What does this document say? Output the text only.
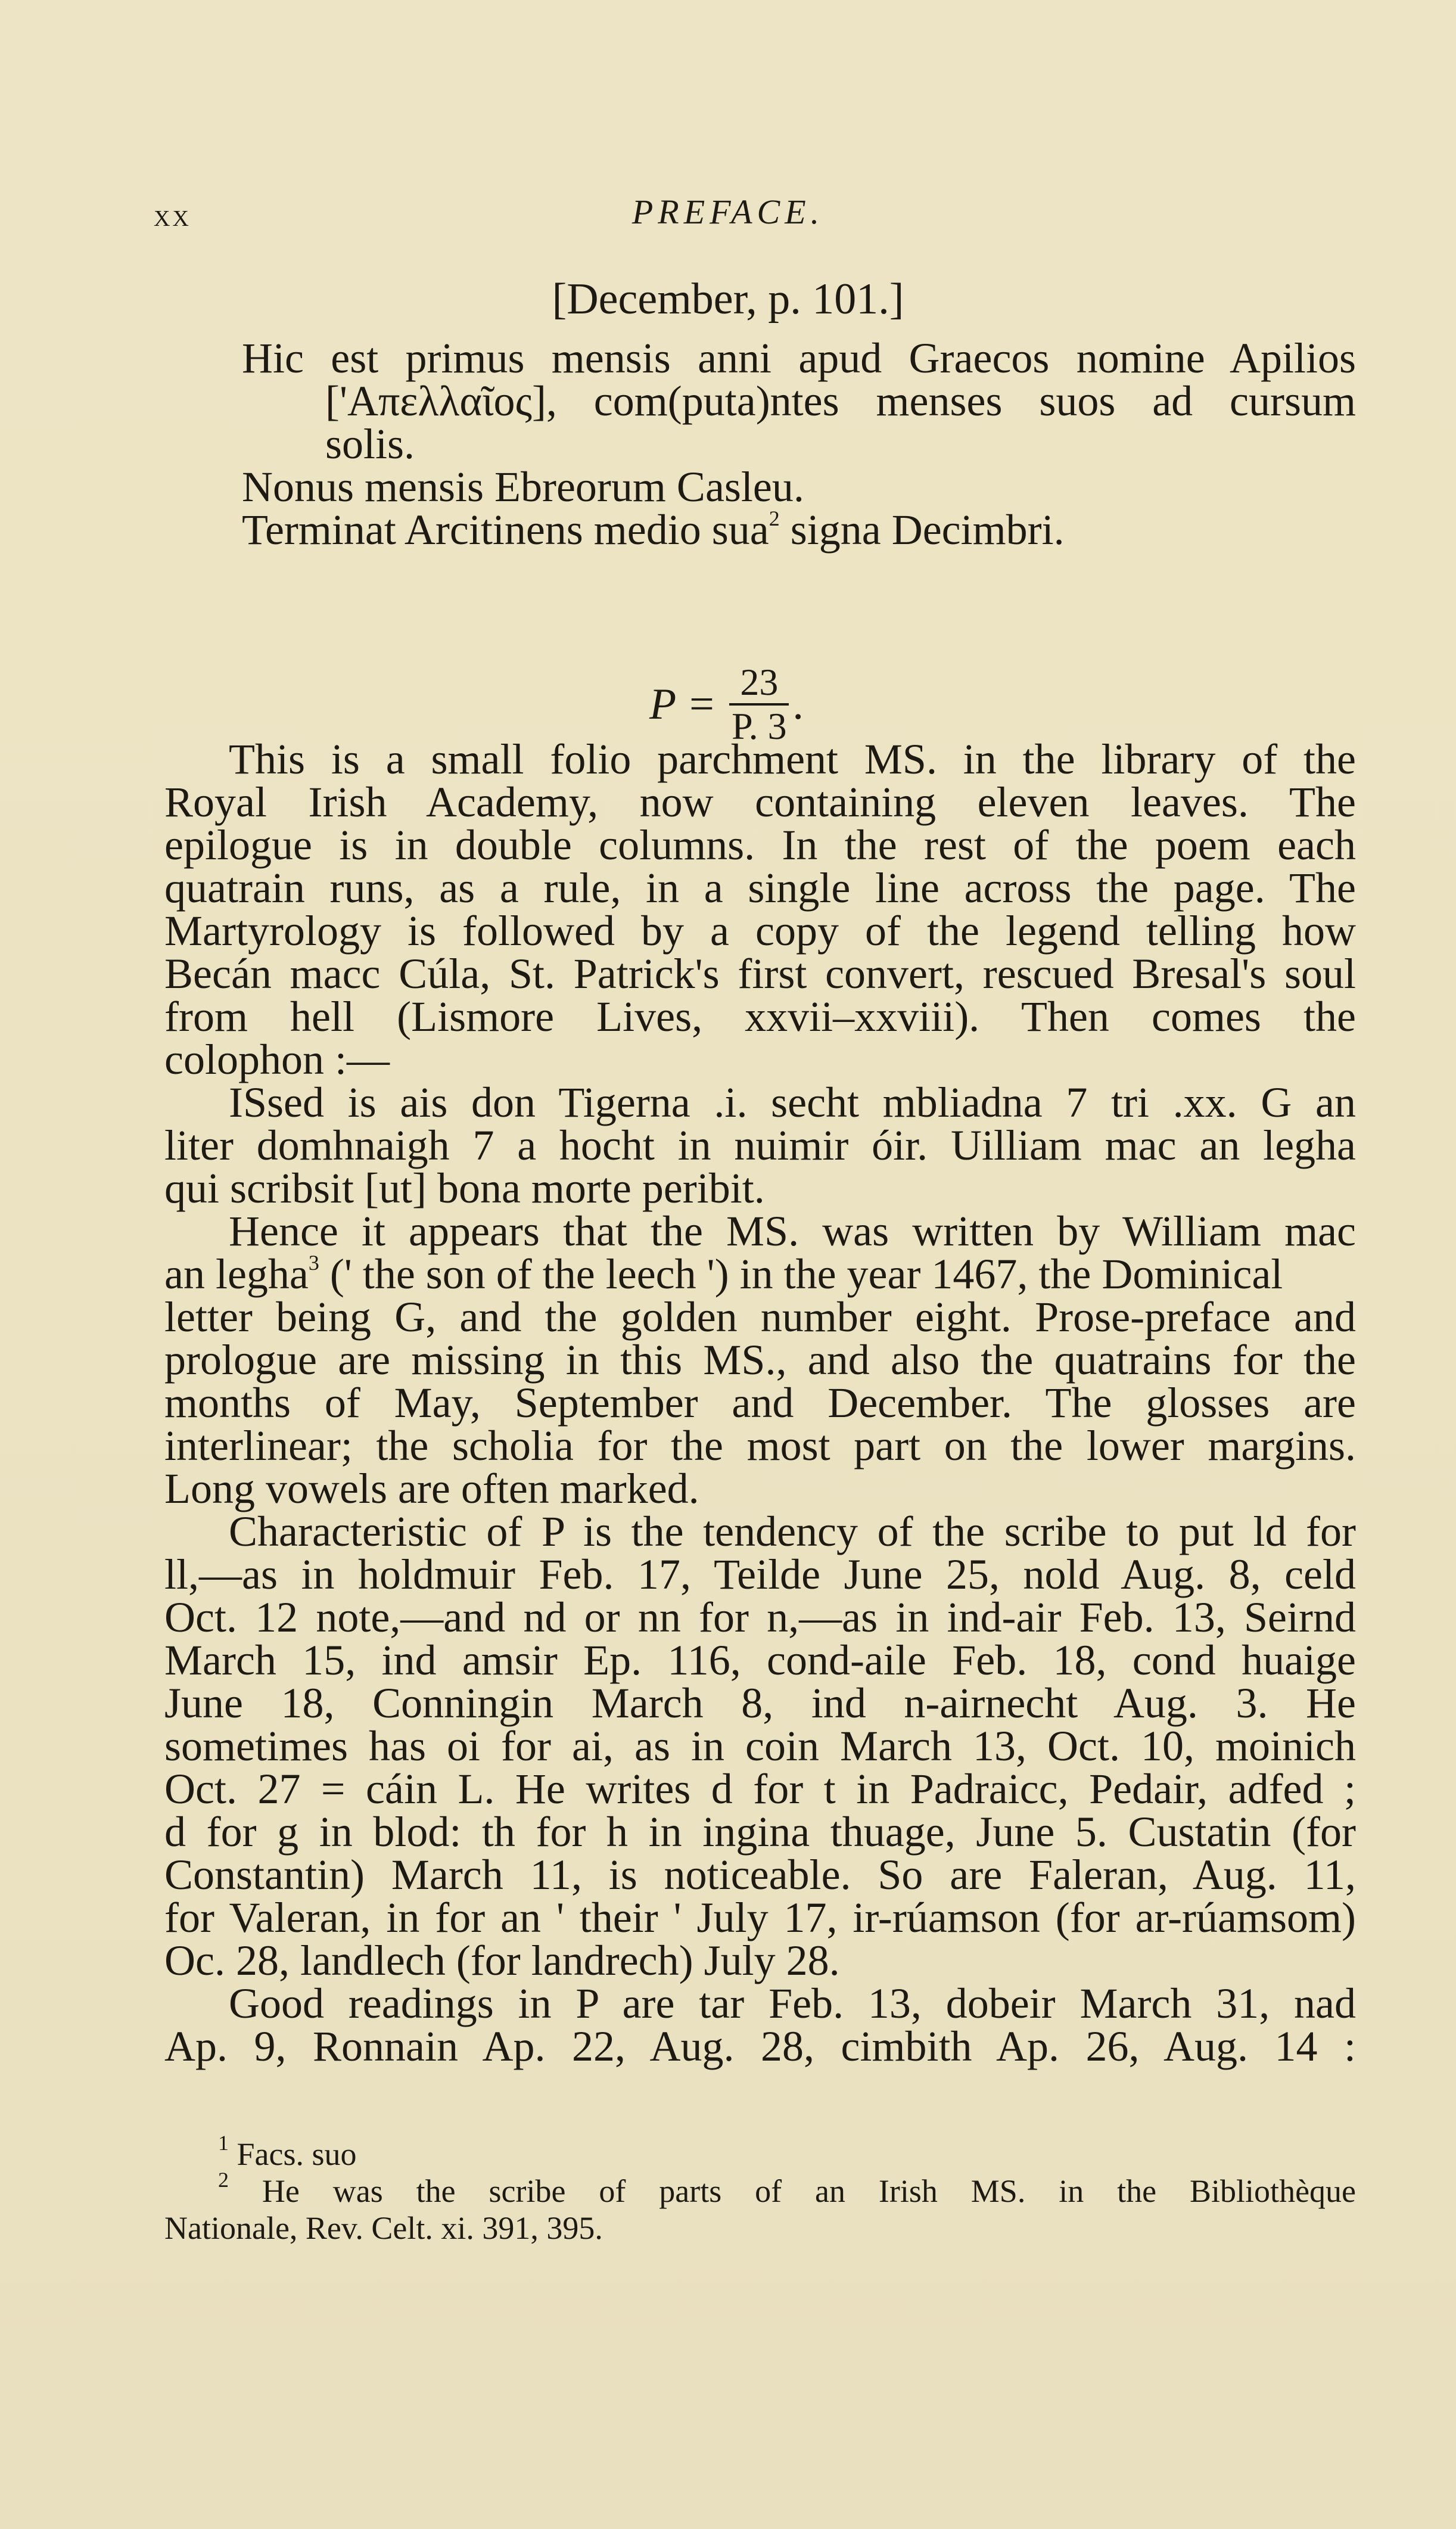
xx	PREFACE.
[December, p. 101.]
Hic est primus mensis anni apud Graecos nomine Apilios
['Απελλαῖος], com(puta)ntes menses suos ad cursum
solis.
Nonus mensis Ebreorum Casleu.
Terminat Arcitinens medio sua$^2$ signa Decimbri.
$P = \frac{23}{P. 3}$ .
This is a small folio parchment MS. in the library of the
Royal Irish Academy, now containing eleven leaves. The
epilogue is in double columns. In the rest of the poem each
quatrain runs, as a rule, in a single line across the page. The
Martyrology is followed by a copy of the legend telling how
Becán macc Cúla, St. Patrick's first convert, rescued Bresal's soul
from hell (Lismore Lives, xxvii–xxviii). Then comes the
colophon :—
ISsed is ais don Tigerna .i. secht mbliadna 7 tri .xx. G an
liter domhnaigh 7 a hocht in nuimir óir. Uilliam mac an legha
qui scribsit [ut] bona morte peribit.
Hence it appears that the MS. was written by William mac
an legha$^3$ (' the son of the leech ') in the year 1467, the Dominical
letter being G, and the golden number eight. Prose-preface and
prologue are missing in this MS., and also the quatrains for the
months of May, September and December. The glosses are
interlinear; the scholia for the most part on the lower margins.
Long vowels are often marked.
Characteristic of P is the tendency of the scribe to put ld for
ll,—as in holdmuir Feb. 17, Teilde June 25, nold Aug. 8, celd
Oct. 12 note,—and nd or nn for n,—as in ind-air Feb. 13, Seirnd
March 15, ind amsir Ep. 116, cond-aile Feb. 18, cond huaige
June 18, Conningin March 8, ind n-airnecht Aug. 3. He
sometimes has oi for ai, as in coin March 13, Oct. 10, moinich
Oct. 27 = cáin L. He writes d for t in Padraicc, Pedair, adfed ;
d for g in blod: th for h in ingina thuage, June 5. Custatin (for
Constantin) March 11, is noticeable. So are Faleran, Aug. 11,
for Valeran, in for an ' their ' July 17, ir-rúamson (for ar-rúamsom)
Oc. 28, landlech (for landrech) July 28.
Good readings in P are tar Feb. 13, dobeir March 31, nad
Ap. 9, Ronnain Ap. 22, Aug. 28, cimbith Ap. 26, Aug. 14 :
$^1$ Facs. suo
$^2$ He was the scribe of parts of an Irish MS. in the Bibliothèque
Nationale, Rev. Celt. xi. 391, 395.
